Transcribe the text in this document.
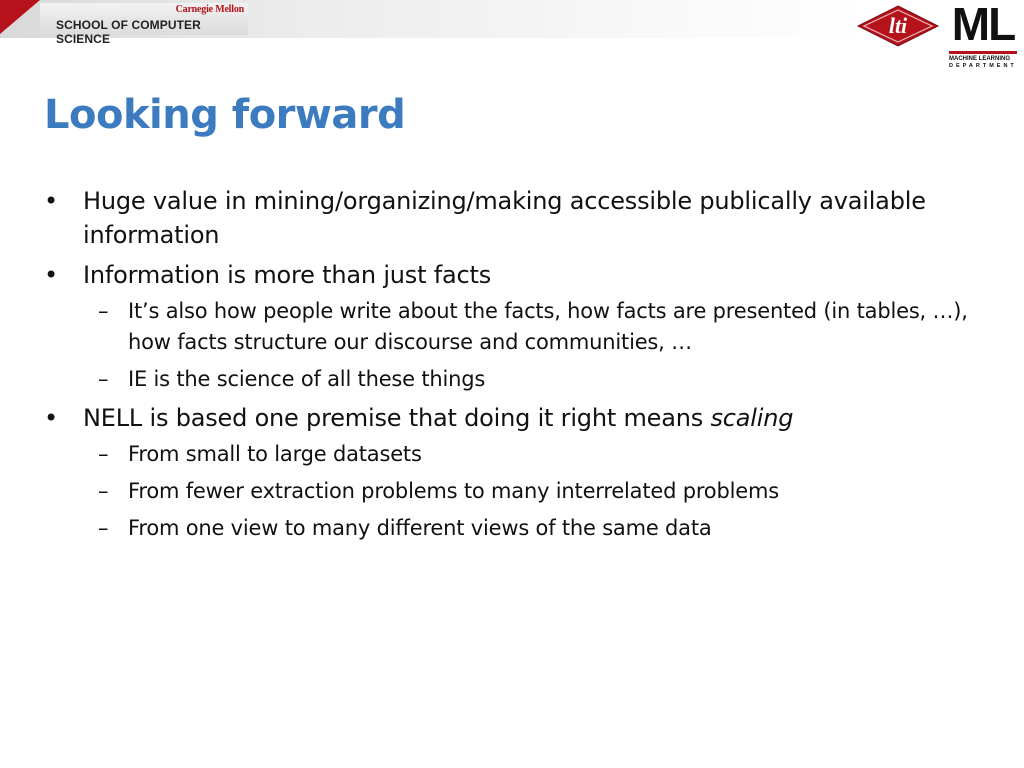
Carnegie Mellon
SCHOOL OF COMPUTER SCIENCE
lti ML
MACHINE LEARNING
DEPARTMENT
Looking forward
• Huge value in mining/organizing/making accessible publically available information
• Information is more than just facts
– It’s also how people write about the facts, how facts are presented (in tables, …), how facts structure our discourse and communities, …
– IE is the science of all these things
• NELL is based one premise that doing it right means scaling
– From small to large datasets
– From fewer extraction problems to many interrelated problems
– From one view to many different views of the same data
